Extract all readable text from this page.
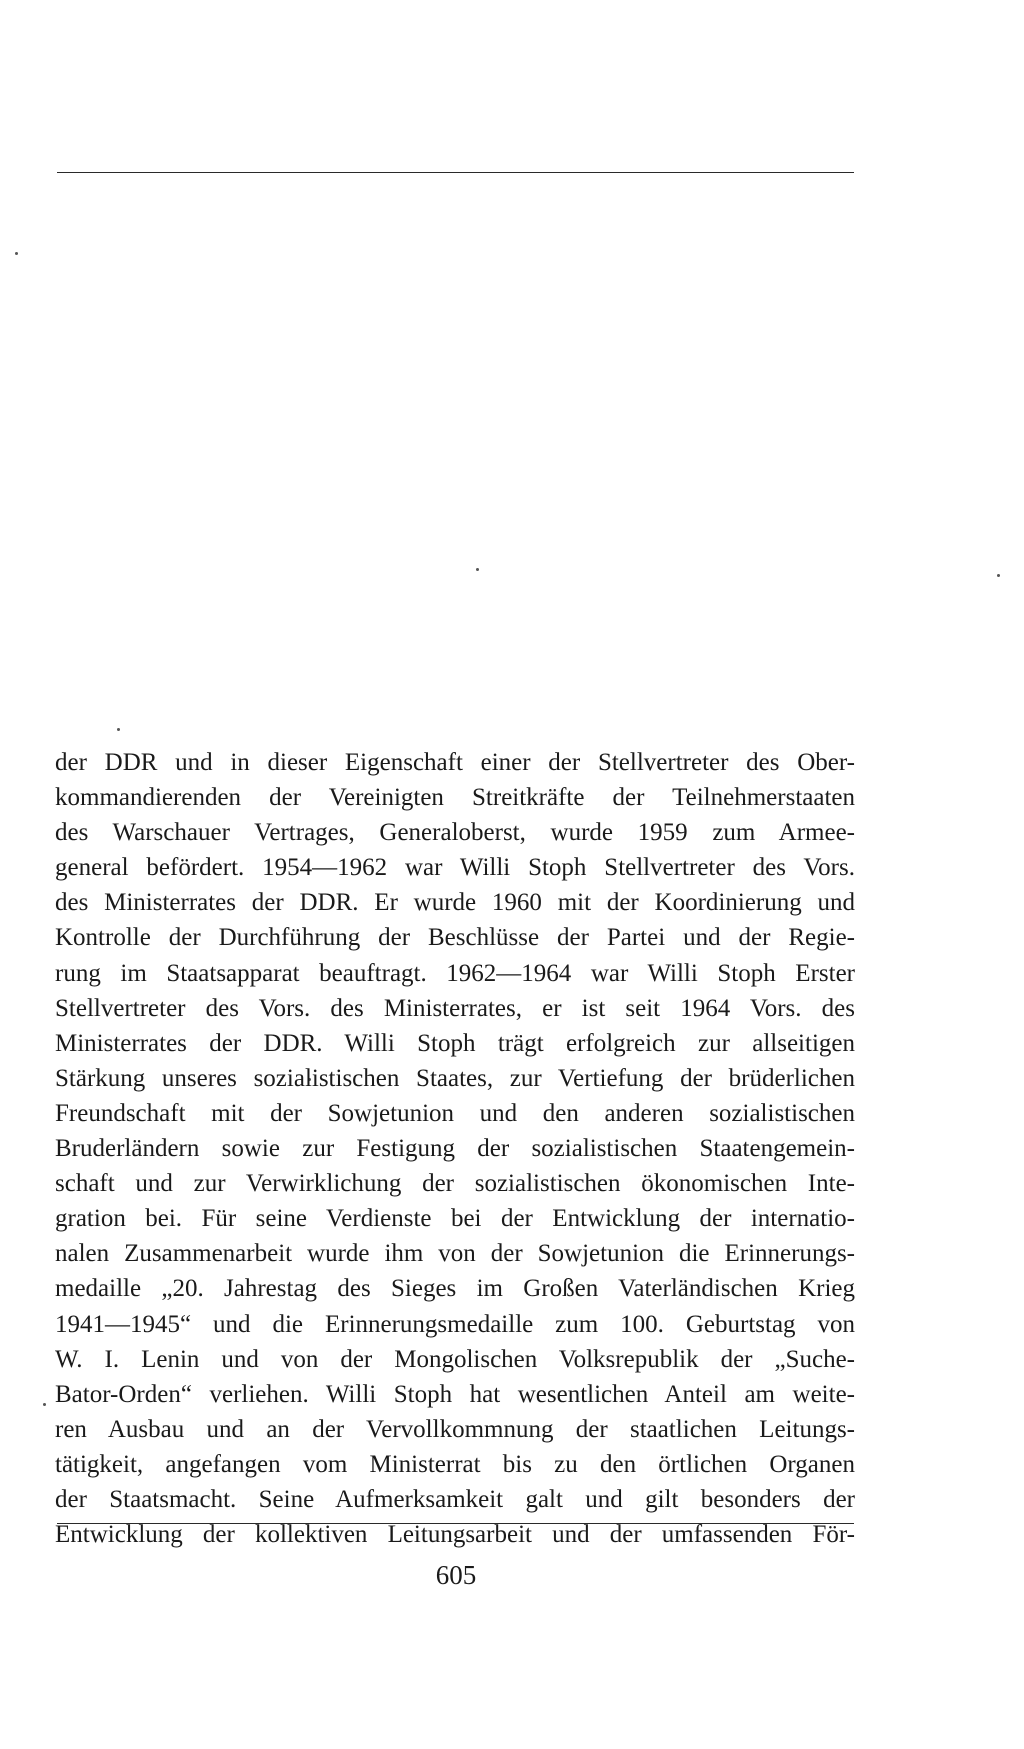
der DDR und in dieser Eigenschaft einer der Stellvertreter des Ober-
kommandierenden der Vereinigten Streitkräfte der Teilnehmerstaaten
des Warschauer Vertrages, Generaloberst, wurde 1959 zum Armee-
general befördert. 1954—1962 war Willi Stoph Stellvertreter des Vors.
des Ministerrates der DDR. Er wurde 1960 mit der Koordinierung und
Kontrolle der Durchführung der Beschlüsse der Partei und der Regie-
rung im Staatsapparat beauftragt. 1962—1964 war Willi Stoph Erster
Stellvertreter des Vors. des Ministerrates, er ist seit 1964 Vors. des
Ministerrates der DDR. Willi Stoph trägt erfolgreich zur allseitigen
Stärkung unseres sozialistischen Staates, zur Vertiefung der brüderlichen
Freundschaft mit der Sowjetunion und den anderen sozialistischen
Bruderländern sowie zur Festigung der sozialistischen Staatengemein-
schaft und zur Verwirklichung der sozialistischen ökonomischen Inte-
gration bei. Für seine Verdienste bei der Entwicklung der internatio-
nalen Zusammenarbeit wurde ihm von der Sowjetunion die Erinnerungs-
medaille „20. Jahrestag des Sieges im Großen Vaterländischen Krieg
1941—1945“ und die Erinnerungsmedaille zum 100. Geburtstag von
W. I. Lenin und von der Mongolischen Volksrepublik der „Suche-
Bator-Orden“ verliehen. Willi Stoph hat wesentlichen Anteil am weite-
ren Ausbau und an der Vervollkommnung der staatlichen Leitungs-
tätigkeit, angefangen vom Ministerrat bis zu den örtlichen Organen
der Staatsmacht. Seine Aufmerksamkeit galt und gilt besonders der
Entwicklung der kollektiven Leitungsarbeit und der umfassenden För-
605
